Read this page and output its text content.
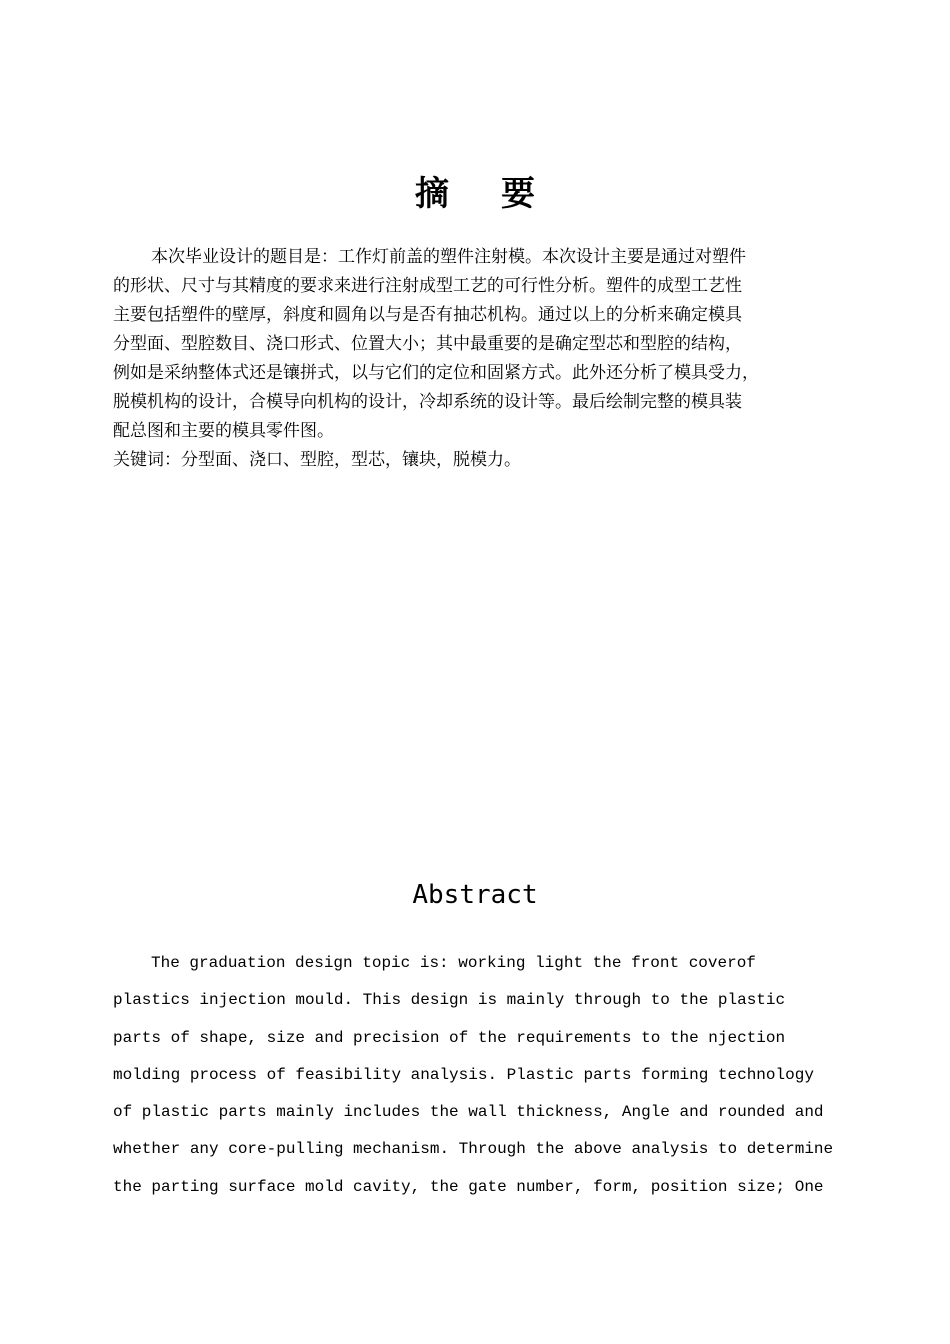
摘要
本次毕业设计的题目是：工作灯前盖的塑件注射模。本次设计主要是通过对塑件
的形状、尺寸与其精度的要求来进行注射成型工艺的可行性分析。塑件的成型工艺性
主要包括塑件的壁厚，斜度和圆角以与是否有抽芯机构。通过以上的分析来确定模具
分型面、型腔数目、浇口形式、位置大小；其中最重要的是确定型芯和型腔的结构，
例如是采纳整体式还是镶拼式，以与它们的定位和固紧方式。此外还分析了模具受力，
脱模机构的设计，合模导向机构的设计，冷却系统的设计等。最后绘制完整的模具装
配总图和主要的模具零件图。
关键词：分型面、浇口、型腔，型芯，镶块，脱模力。
Abstract
The graduation design topic is: working light the front coverof
plastics injection mould. This design is mainly through to the plastic
parts of shape, size and precision of the requirements to the njection
molding process of feasibility analysis. Plastic parts forming technology
of plastic parts mainly includes the wall thickness, Angle and rounded and
whether any core-pulling mechanism. Through the above analysis to determine
the parting surface mold cavity, the gate number, form, position size; One
